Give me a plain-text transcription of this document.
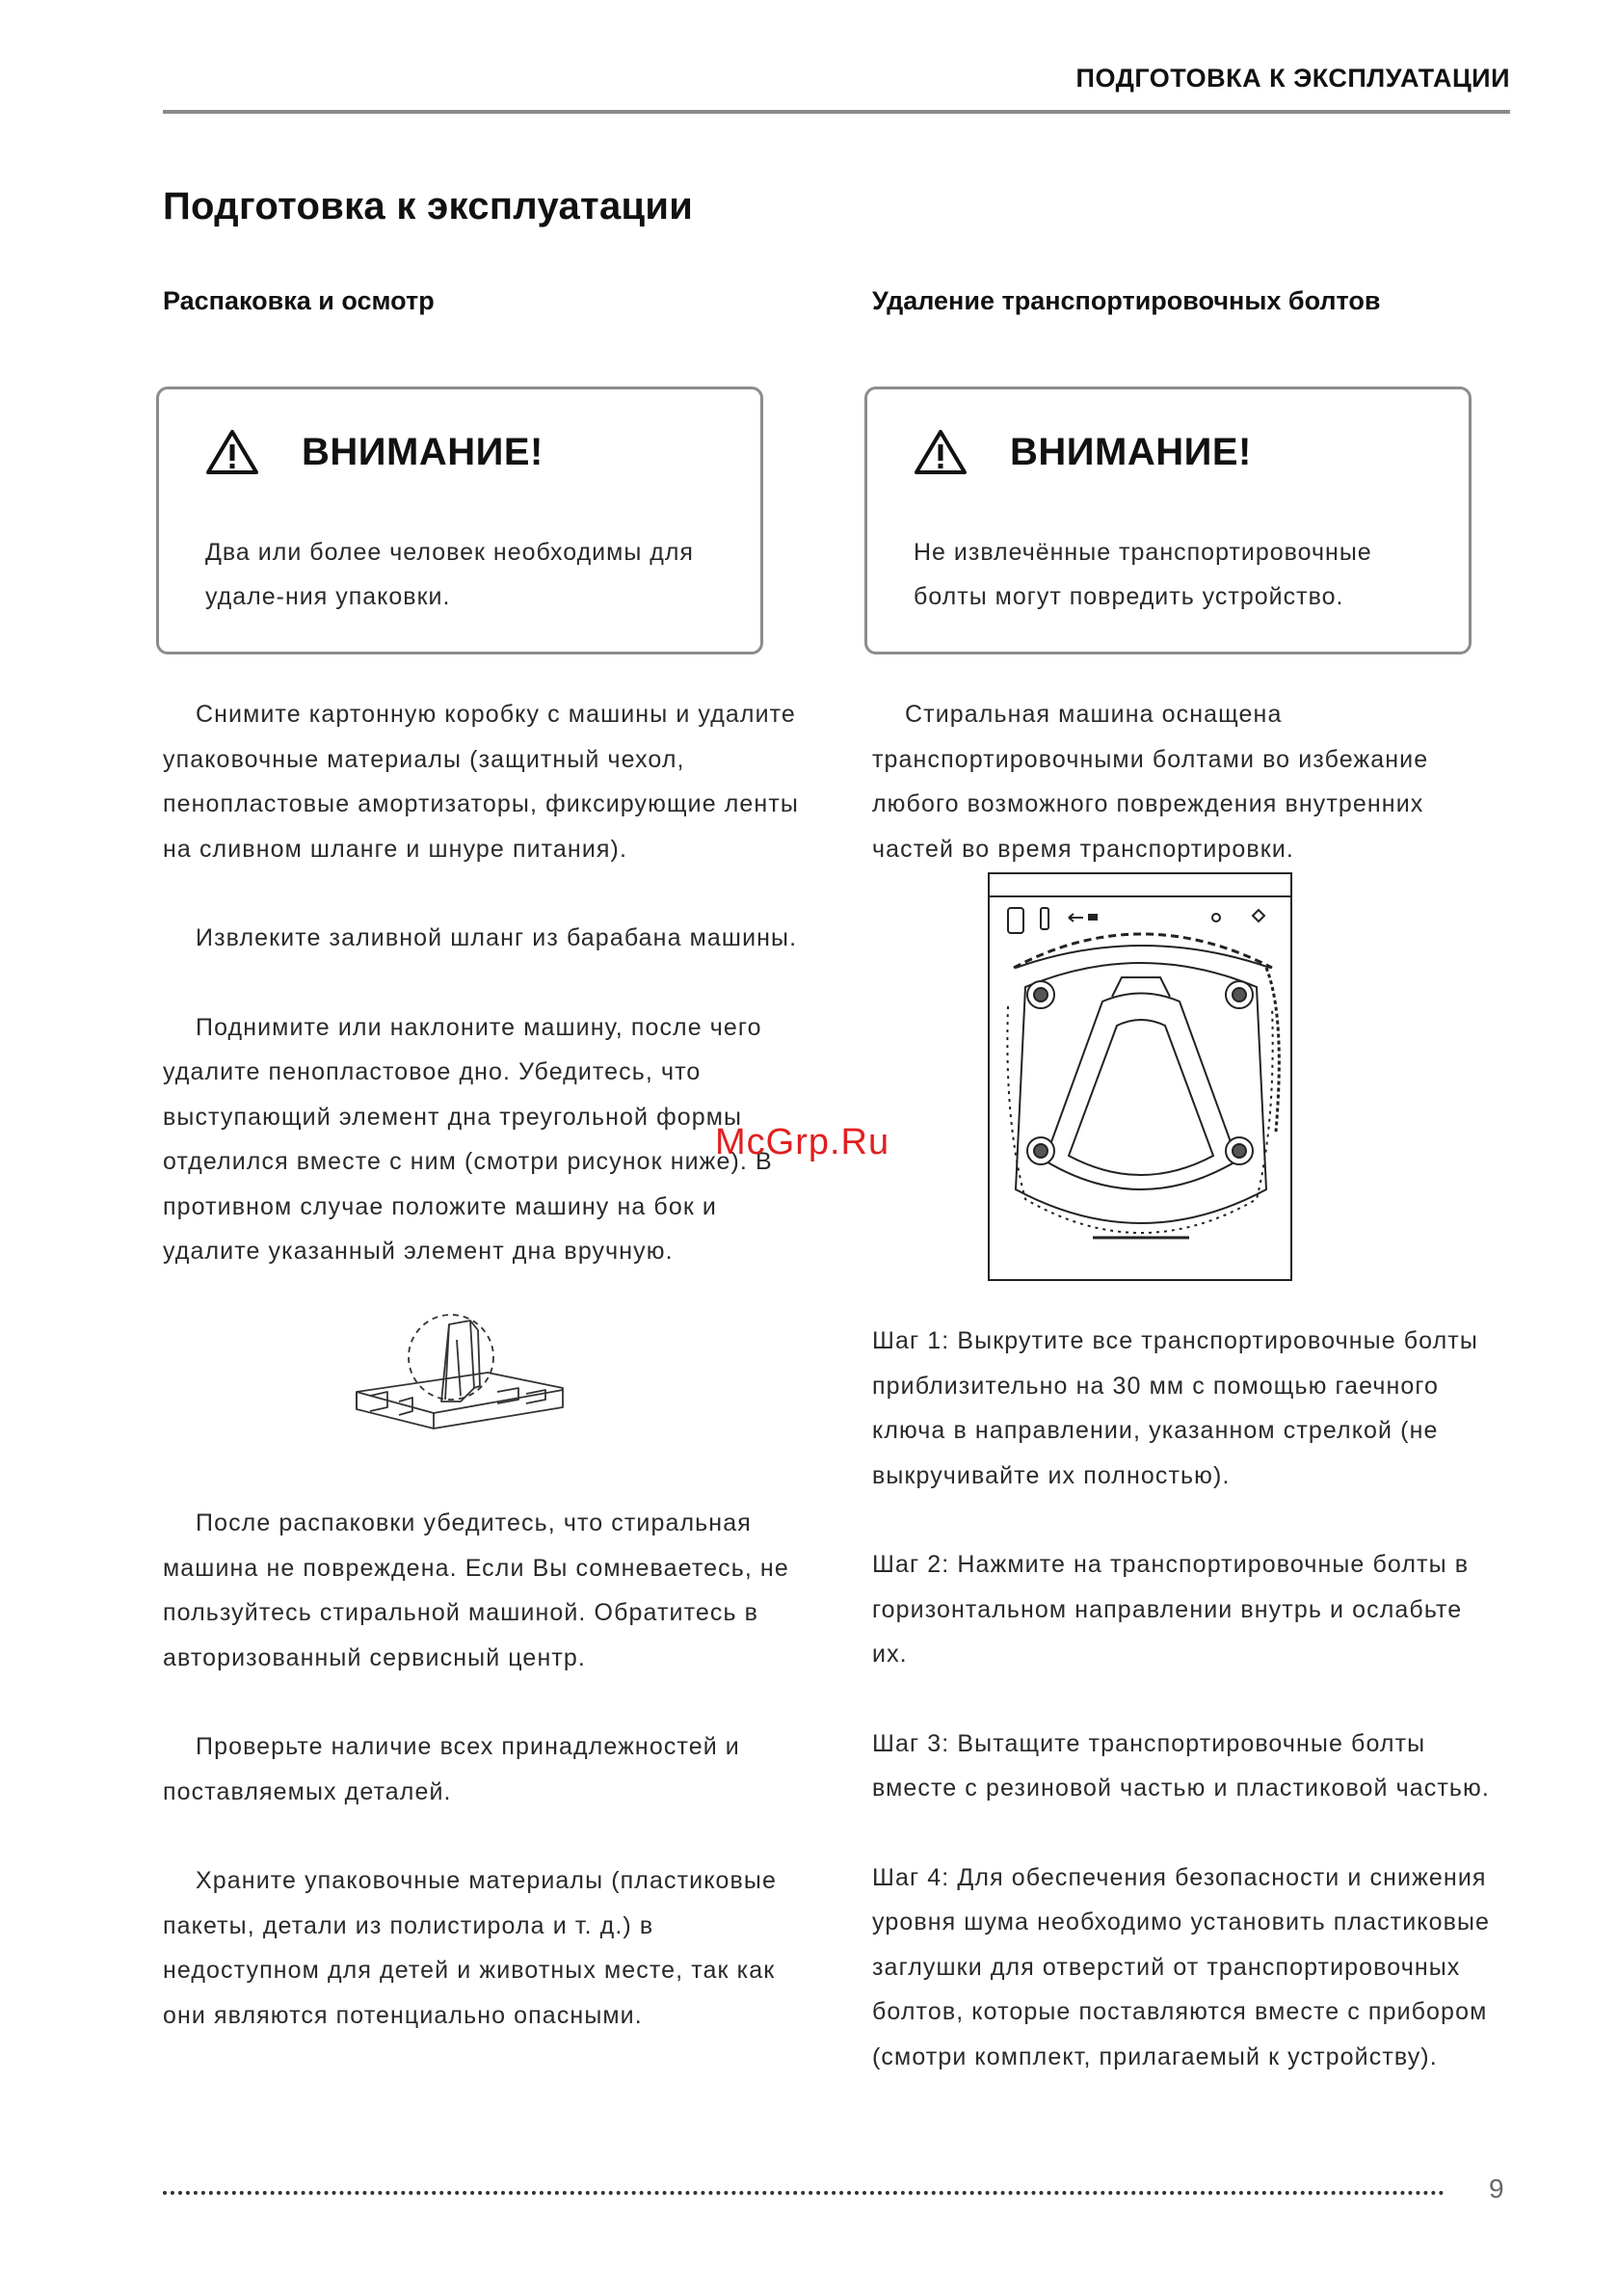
ПОДГОТОВКА К ЭКСПЛУАТАЦИИ
Подготовка к эксплуатации
Распаковка и осмотр
ВНИМАНИЕ!
Два или более человек необходимы для удале-ния упаковки.

Снимите картонную коробку с машины и удалите упаковочные материалы (защитный чехол, пенопластовые амортизаторы, фиксирующие ленты на сливном шланге и шнуре питания).

Извлеките заливной шланг из барабана машины.

Поднимите или наклоните машину, после чего удалите пенопластовое дно. Убедитесь, что выступающий элемент дна треугольной формы отделился вместе с ним (смотри рисунок ниже). В противном случае положите машину на бок и удалите указанный элемент дна вручную.

После распаковки убедитесь, что стиральная машина не повреждена. Если Вы сомневаетесь, не пользуйтесь стиральной машиной. Обратитесь в авторизованный сервисный центр.

Проверьте наличие всех принадлежностей и поставляемых деталей.

Храните упаковочные материалы (пластиковые пакеты, детали из полистирола и т. д.) в недоступном для детей и животных месте, так как они являются потенциально опасными.

Удаление транспортировочных болтов
ВНИМАНИЕ!
Не извлечённые транспортировочные болты могут повредить устройство.

Стиральная машина оснащена транспортировочными болтами во избежание любого возможного повреждения внутренних частей во время транспортировки.

Шаг 1: Выкрутите все транспортировочные болты приблизительно на 30 мм с помощью гаечного ключа в направлении, указанном стрелкой (не выкручивайте их полностью).

Шаг 2: Нажмите на транспортировочные болты в горизонтальном направлении внутрь и ослабьте их.

Шаг 3: Вытащите транспортировочные болты вместе с резиновой частью и пластиковой частью.

Шаг 4: Для обеспечения безопасности и снижения уровня шума необходимо установить пластиковые заглушки для отверстий от транспортировочных болтов, которые поставляются вместе с прибором (смотри комплект, прилагаемый к устройству).

McGrp.Ru
9
